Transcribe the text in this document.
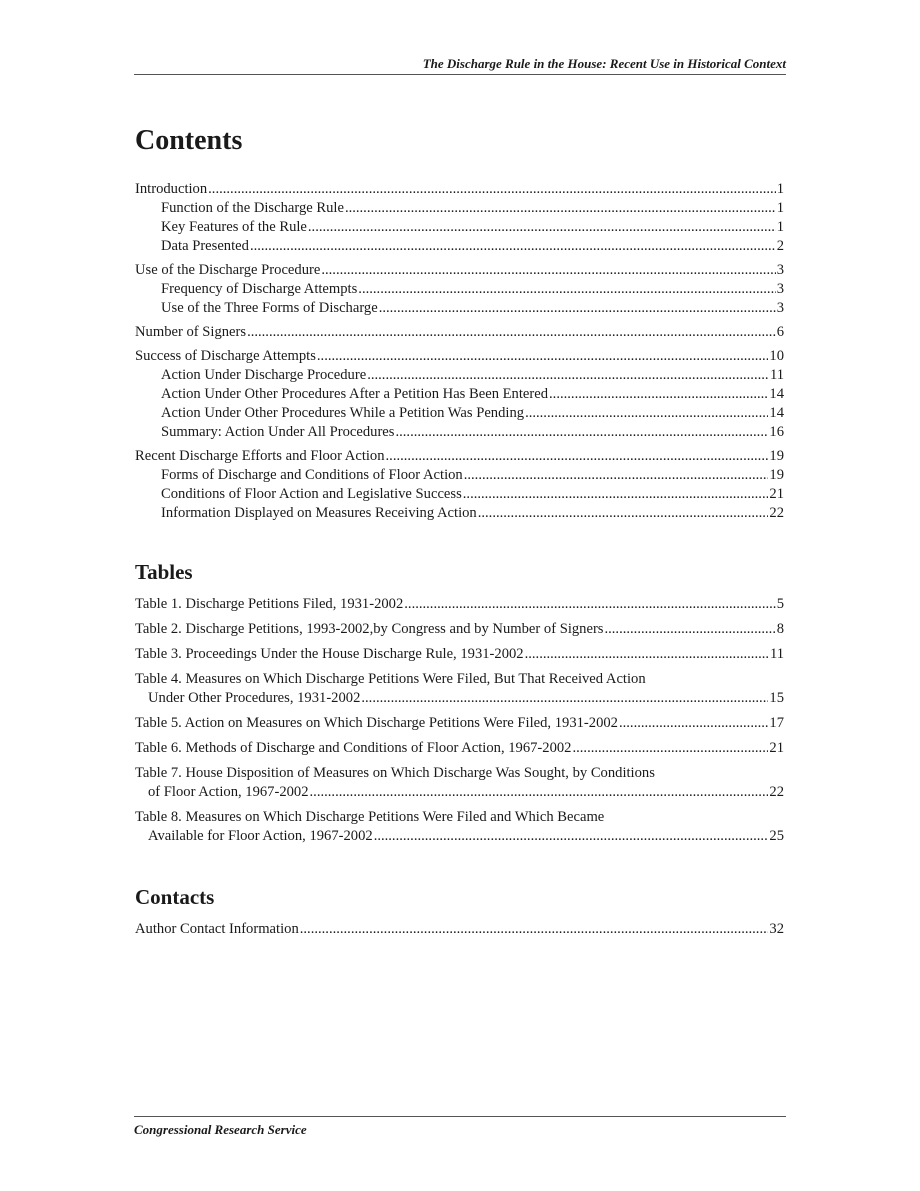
The Discharge Rule in the House: Recent Use in Historical Context
Contents
Introduction .....	1
Function of the Discharge Rule .....	1
Key Features of the Rule .....	1
Data Presented .....	2
Use of the Discharge Procedure .....	3
Frequency of Discharge Attempts .....	3
Use of the Three Forms of Discharge .....	3
Number of Signers .....	6
Success of Discharge Attempts .....	10
Action Under Discharge Procedure .....	11
Action Under Other Procedures After a Petition Has Been Entered .....	14
Action Under Other Procedures While a Petition Was Pending .....	14
Summary: Action Under All Procedures .....	16
Recent Discharge Efforts and Floor Action .....	19
Forms of Discharge and Conditions of Floor Action .....	19
Conditions of Floor Action and Legislative Success .....	21
Information Displayed on Measures Receiving Action .....	22
Tables
Table 1. Discharge Petitions Filed, 1931-2002 .....	5
Table 2. Discharge Petitions, 1993-2002,by Congress and by Number of Signers .....	8
Table 3. Proceedings Under the House Discharge Rule, 1931-2002 .....	11
Table 4. Measures on Which Discharge Petitions Were Filed, But That Received Action
Under Other Procedures, 1931-2002 .....	15
Table 5. Action on Measures on Which Discharge Petitions Were Filed, 1931-2002 .....	17
Table 6. Methods of Discharge and Conditions of Floor Action, 1967-2002 .....	21
Table 7. House Disposition of Measures on Which Discharge Was Sought, by Conditions
of Floor Action, 1967-2002 .....	22
Table 8. Measures on Which Discharge Petitions Were Filed and Which Became
Available for Floor Action, 1967-2002 .....	25
Contacts
Author Contact Information .....	32
Congressional Research Service
